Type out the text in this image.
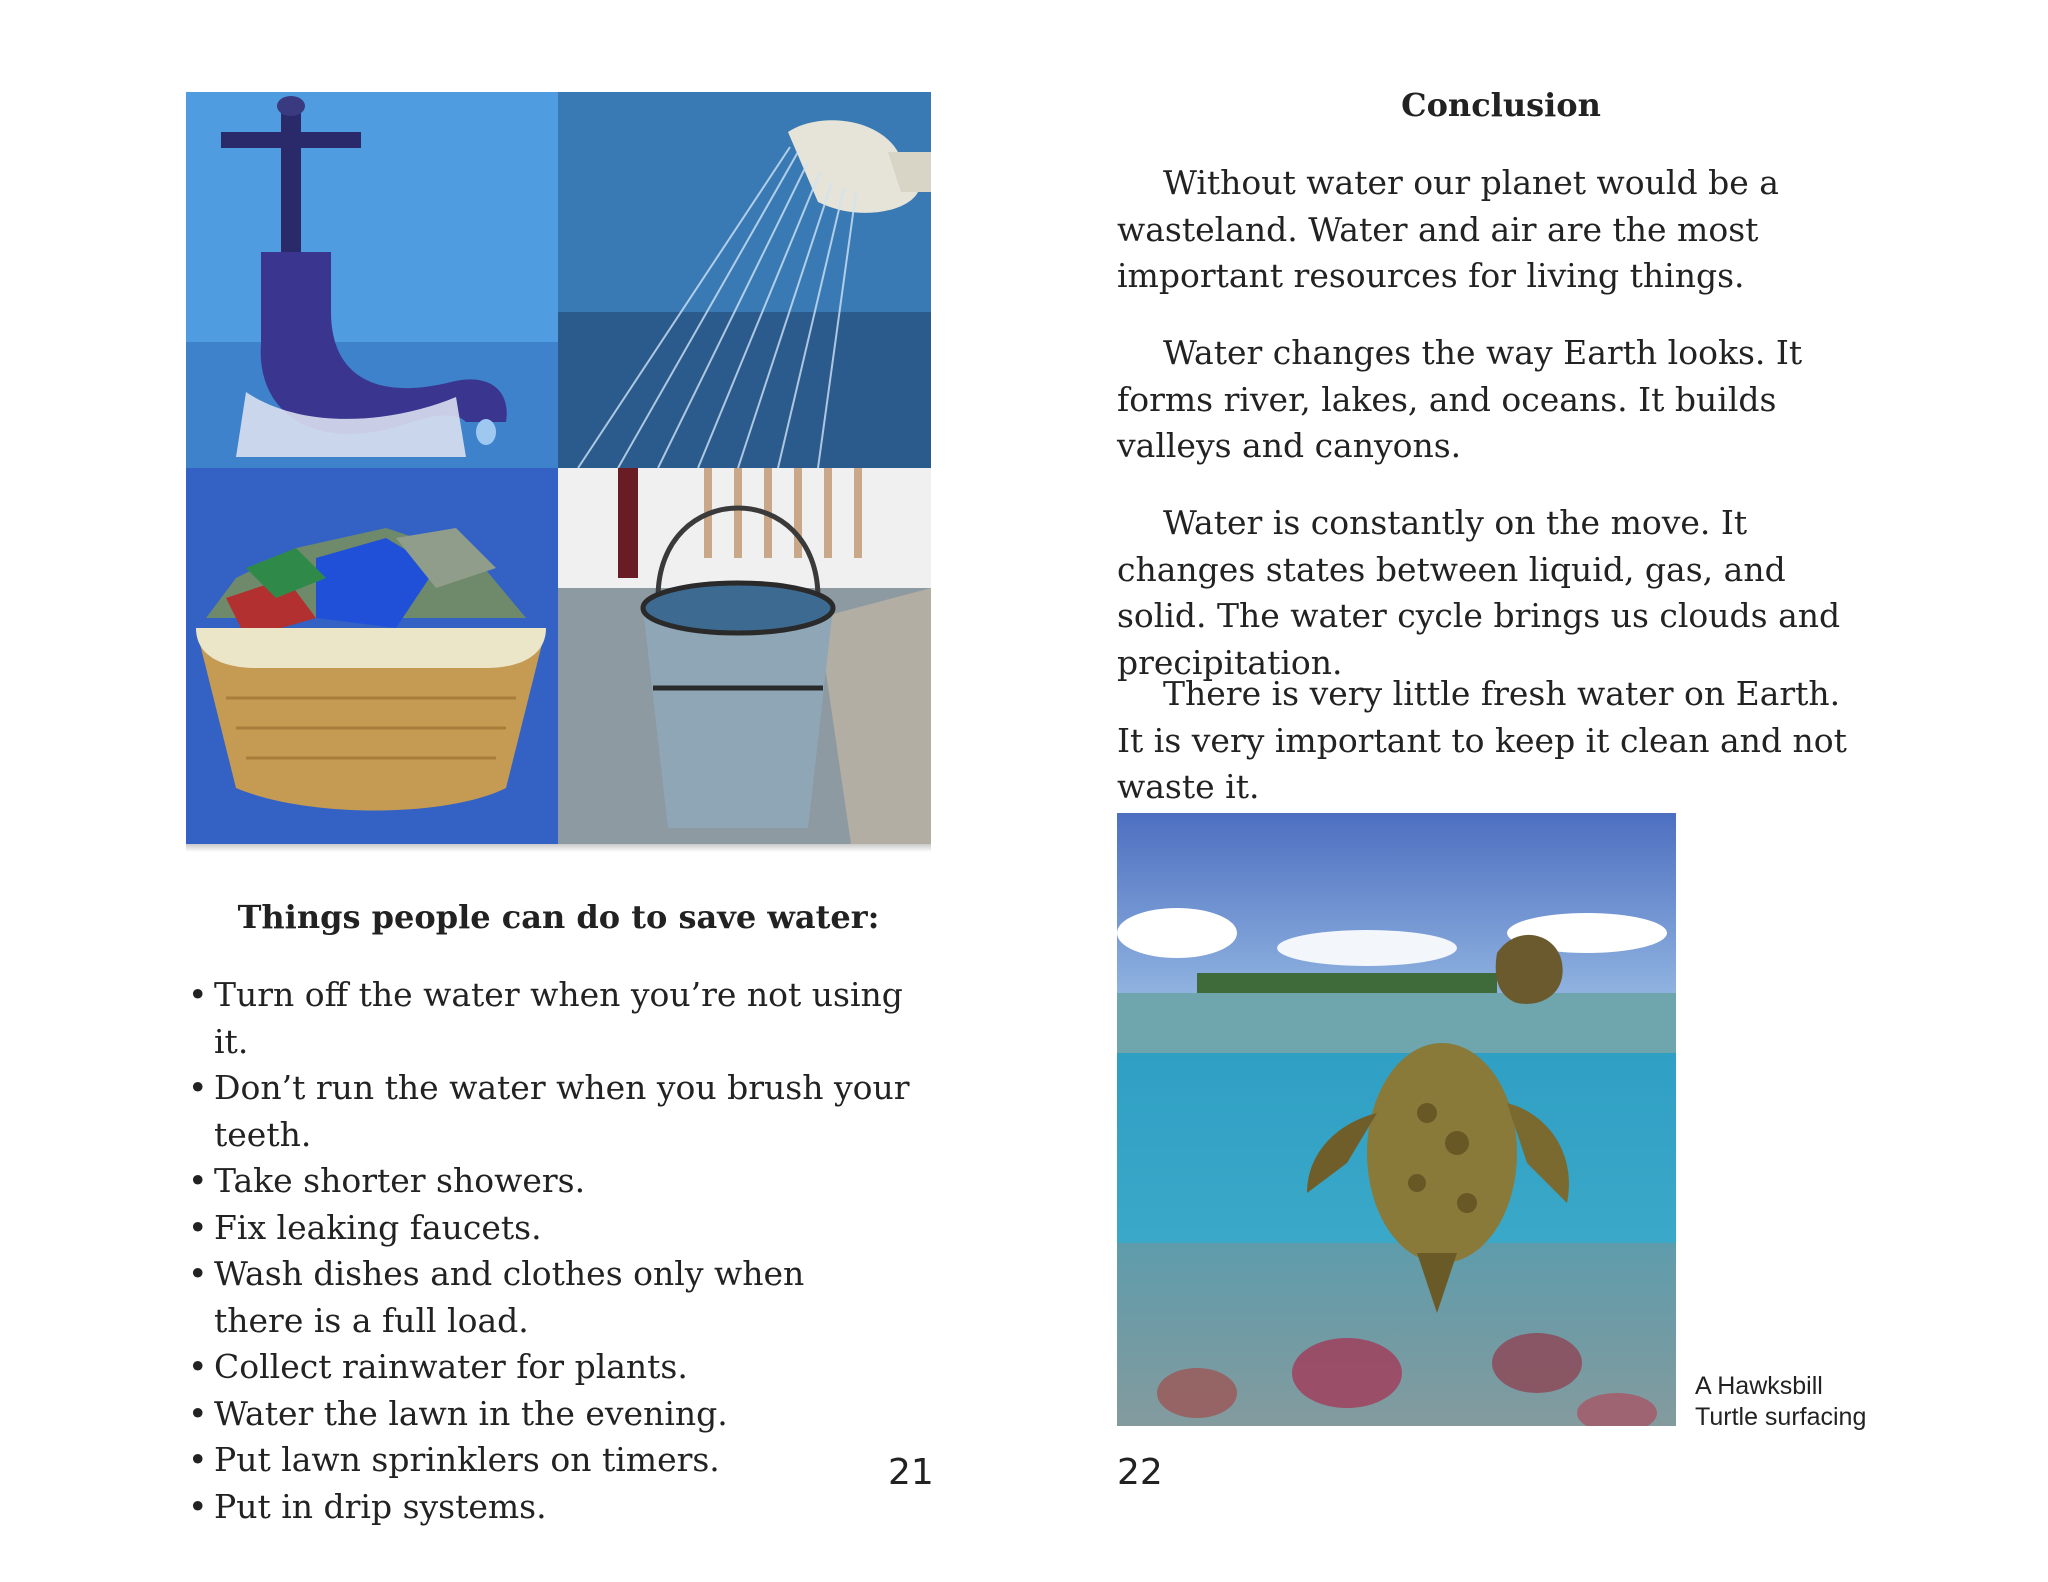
Things people can do to save water:
• Turn off the water when you’re not using it.
• Don’t run the water when you brush your teeth.
• Take shorter showers.
• Fix leaking faucets.
• Wash dishes and clothes only when there is a full load.
• Collect rainwater for plants.
• Water the lawn in the evening.
• Put lawn sprinklers on timers.
• Put in drip systems.
21
Conclusion

Without water our planet would be a wasteland. Water and air are the most important resources for living things.

Water changes the way Earth looks. It forms river, lakes, and oceans. It builds valleys and canyons.

Water is constantly on the move. It changes states between liquid, gas, and solid. The water cycle brings us clouds and precipitation.

There is very little fresh water on Earth. It is very important to keep it clean and not waste it.

A Hawksbill
Turtle surfacing
22
